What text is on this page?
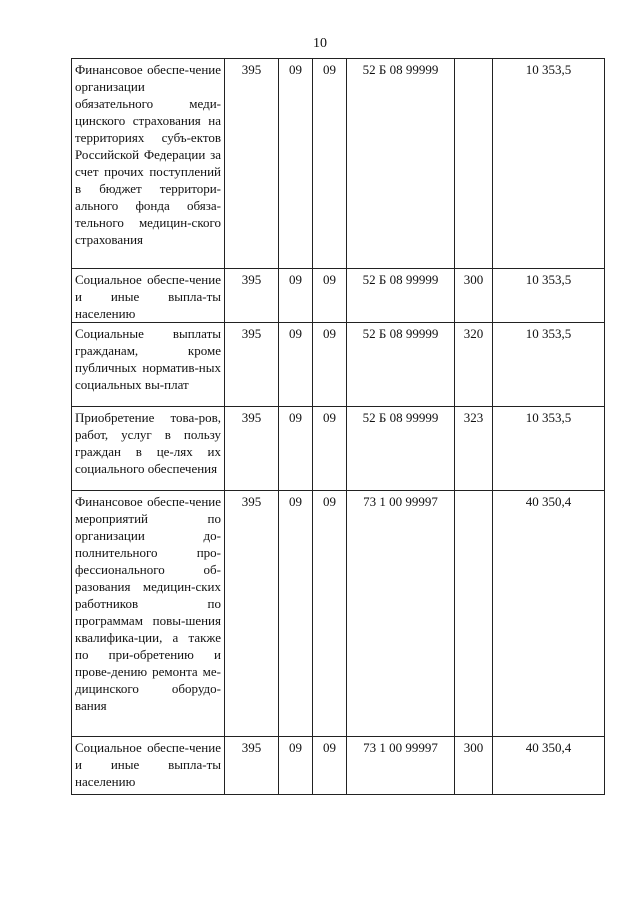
10
Финансовое обеспе-чение организации обязательного меди-цинского страхования на территориях субъ-ектов Российской Федерации за счет прочих поступлений в бюджет территори-ального фонда обяза-тельного медицин-ского страхования	395	09	09	52 Б 08 99999		10 353,5
Социальное обеспе-чение и иные выпла-ты населению	395	09	09	52 Б 08 99999	300	10 353,5
Социальные выплаты гражданам, кроме публичных норматив-ных социальных вы-плат	395	09	09	52 Б 08 99999	320	10 353,5
Приобретение това-ров, работ, услуг в пользу граждан в це-лях их социального обеспечения	395	09	09	52 Б 08 99999	323	10 353,5
Финансовое обеспе-чение мероприятий по организации до-полнительного про-фессионального об-разования медицин-ских работников по программам повы-шения квалифика-ции, а также по при-обретению и прове-дению ремонта ме-дицинского оборудо-вания	395	09	09	73 1 00 99997		40 350,4
Социальное обеспе-чение и иные выпла-ты населению	395	09	09	73 1 00 99997	300	40 350,4
